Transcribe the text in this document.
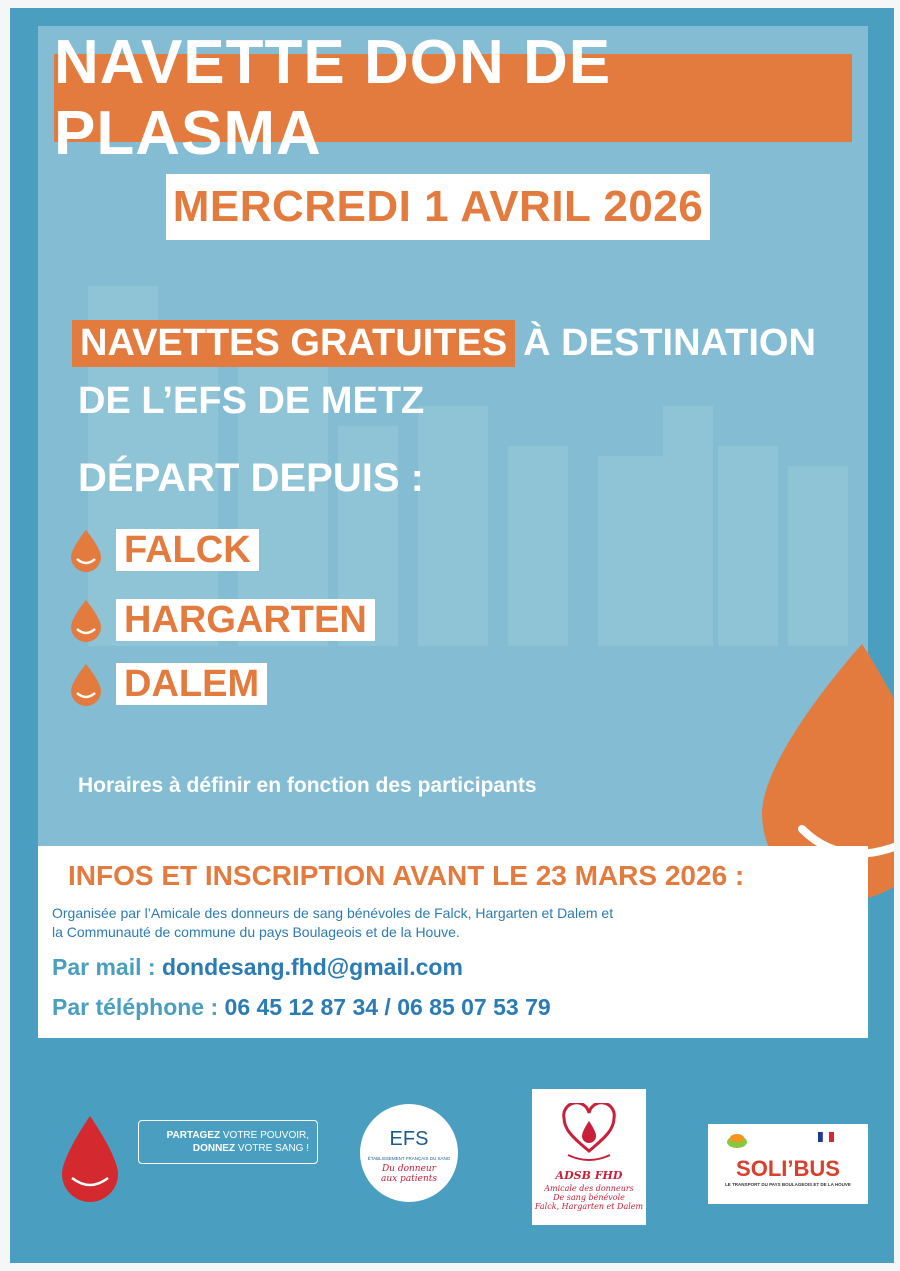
NAVETTE DON DE PLASMA
MERCREDI 1 AVRIL 2026
NAVETTES GRATUITES À DESTINATION
DE L’EFS DE METZ
DÉPART DEPUIS :
FALCK
HARGARTEN
DALEM
Horaires à définir en fonction des participants
INFOS ET INSCRIPTION AVANT LE 23 MARS 2026 :
Organisée par l’Amicale des donneurs de sang bénévoles de Falck, Hargarten et Dalem et
la Communauté de commune du pays Boulageois et de la Houve.
Par mail : dondesang.fhd@gmail.com
Par téléphone : 06 45 12 87 34 / 06 85 07 53 79
PARTAGEZ VOTRE POUVOIR,
DONNEZ VOTRE SANG !	EFS
ÉTABLISSEMENT FRANÇAIS DU SANG
Du donneur
aux patients	ADSB FHD
Amicale des donneurs
De sang bénévole
Falck, Hargarten et Dalem
SOLI’BUS
LE TRANSPORT DU PAYS BOULAGEOIS ET DE LA HOUVE
